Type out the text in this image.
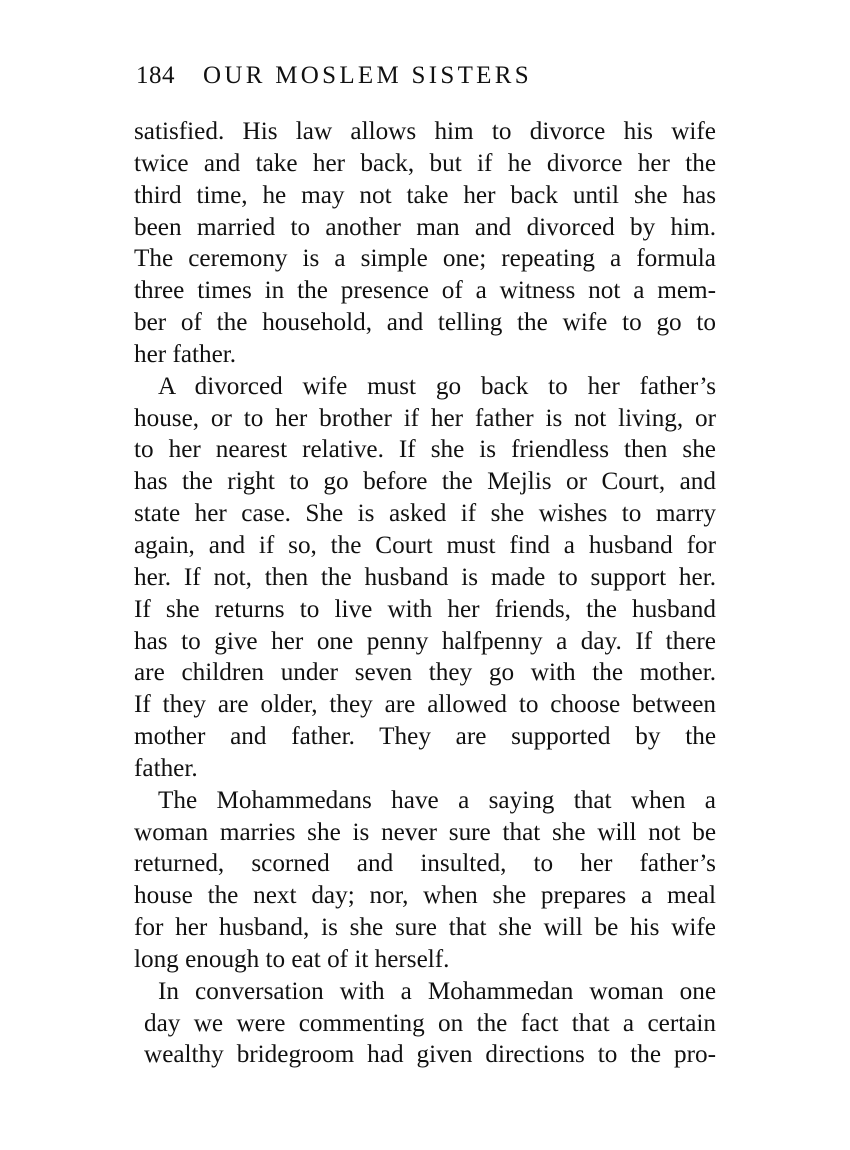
184 OUR MOSLEM SISTERS
satisfied. His law allows him to divorce his wife
twice and take her back, but if he divorce her the
third time, he may not take her back until she has
been married to another man and divorced by him.
The ceremony is a simple one; repeating a formula
three times in the presence of a witness not a mem-
ber of the household, and telling the wife to go to
her father.
A divorced wife must go back to her father’s
house, or to her brother if her father is not living, or
to her nearest relative. If she is friendless then she
has the right to go before the Mejlis or Court, and
state her case. She is asked if she wishes to marry
again, and if so, the Court must find a husband for
her. If not, then the husband is made to support her.
If she returns to live with her friends, the husband
has to give her one penny halfpenny a day. If there
are children under seven they go with the mother.
If they are older, they are allowed to choose between
mother and father. They are supported by the
father.
The Mohammedans have a saying that when a
woman marries she is never sure that she will not be
returned, scorned and insulted, to her father’s
house the next day; nor, when she prepares a meal
for her husband, is she sure that she will be his wife
long enough to eat of it herself.
In conversation with a Mohammedan woman one
day we were commenting on the fact that a certain
wealthy bridegroom had given directions to the pro-
